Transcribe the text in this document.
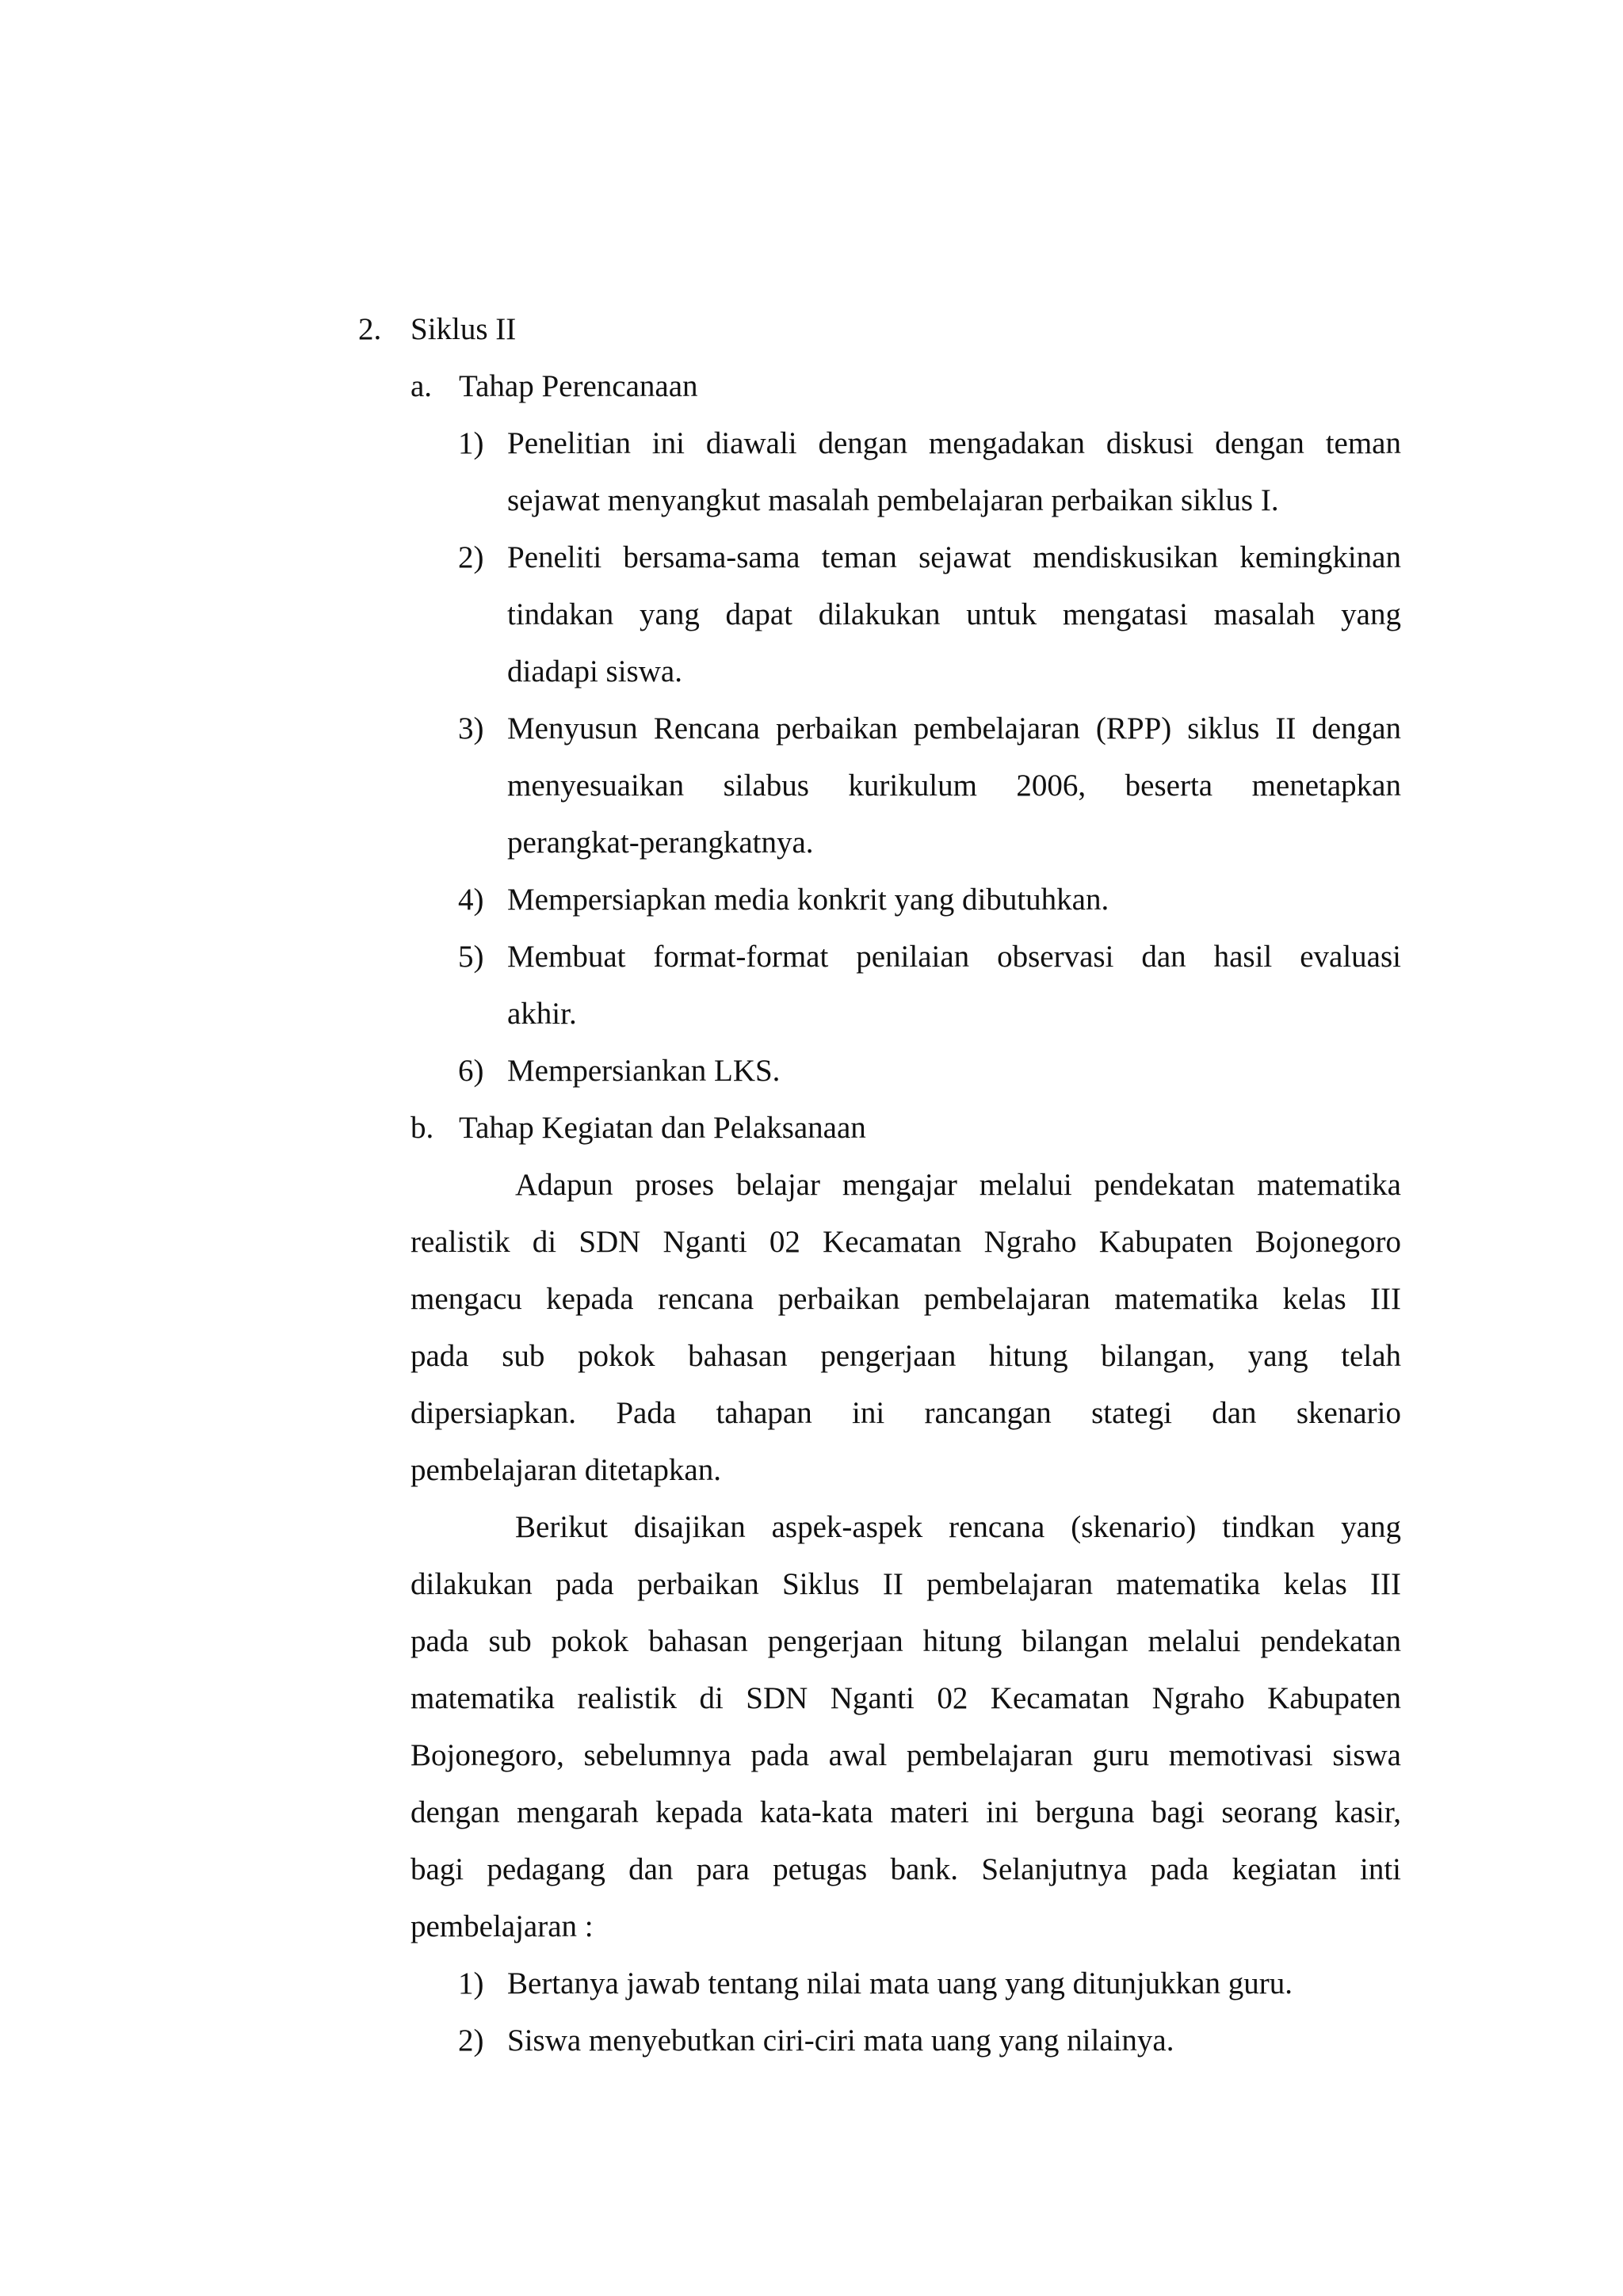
2. Siklus II
a. Tahap Perencanaan
1) Penelitian ini diawali dengan mengadakan diskusi dengan teman
sejawat menyangkut masalah pembelajaran perbaikan siklus I.
2) Peneliti bersama-sama teman sejawat mendiskusikan kemingkinan
tindakan yang dapat dilakukan untuk mengatasi masalah yang
diadapi siswa.
3) Menyusun Rencana perbaikan pembelajaran (RPP) siklus II dengan
menyesuaikan silabus kurikulum 2006, beserta menetapkan
perangkat-perangkatnya.
4) Mempersiapkan media konkrit yang dibutuhkan.
5) Membuat format-format penilaian observasi dan hasil evaluasi
akhir.
6) Mempersiankan LKS.
b. Tahap Kegiatan dan Pelaksanaan
Adapun proses belajar mengajar melalui pendekatan matematika
realistik di SDN Nganti 02 Kecamatan Ngraho Kabupaten Bojonegoro
mengacu kepada rencana perbaikan pembelajaran matematika kelas III
pada sub pokok bahasan pengerjaan hitung bilangan, yang telah
dipersiapkan. Pada tahapan ini rancangan stategi dan skenario
pembelajaran ditetapkan.
Berikut disajikan aspek-aspek rencana (skenario) tindkan yang
dilakukan pada perbaikan Siklus II pembelajaran matematika kelas III
pada sub pokok bahasan pengerjaan hitung bilangan melalui pendekatan
matematika realistik di SDN Nganti 02 Kecamatan Ngraho Kabupaten
Bojonegoro, sebelumnya pada awal pembelajaran guru memotivasi siswa
dengan mengarah kepada kata-kata materi ini berguna bagi seorang kasir,
bagi pedagang dan para petugas bank. Selanjutnya pada kegiatan inti
pembelajaran :
1) Bertanya jawab tentang nilai mata uang yang ditunjukkan guru.
2) Siswa menyebutkan ciri-ciri mata uang yang nilainya.
